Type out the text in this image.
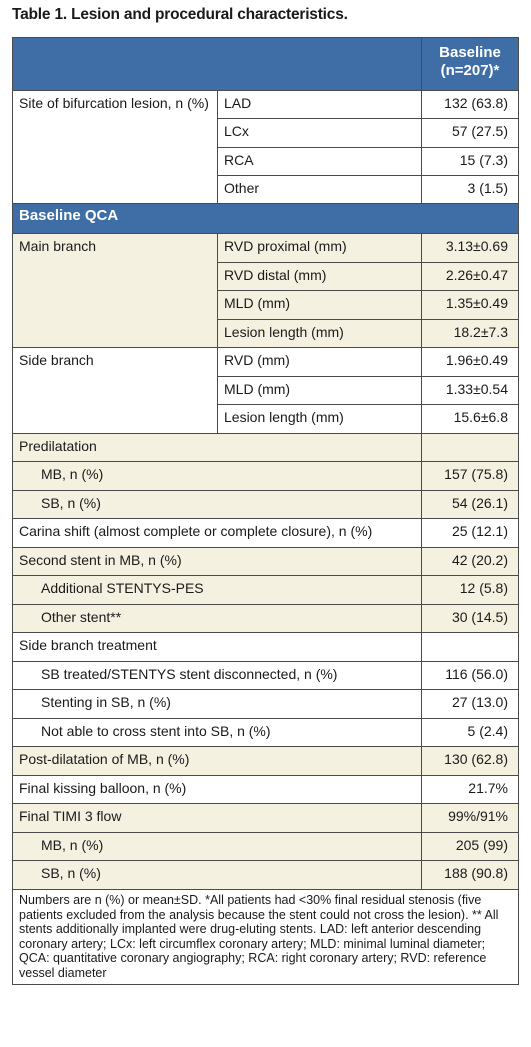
Table 1. Lesion and procedural characteristics.

		Baseline
(n=207)*

Site of bifurcation lesion, n (%)	LAD	132 (63.8)
	LCx	57 (27.5)
	RCA	15 (7.3)
	Other	3 (1.5)
Baseline QCA		
Main branch	RVD proximal (mm)	3.13±0.69
	RVD distal (mm)	2.26±0.47
	MLD (mm)	1.35±0.49
	Lesion length (mm)	18.2±7.3
Side branch	RVD (mm)	1.96±0.49
	MLD (mm)	1.33±0.54
	Lesion length (mm)	15.6±6.8
Predilatation		
MB, n (%)		157 (75.8)
SB, n (%)		54 (26.1)
Carina shift (almost complete or complete closure), n (%)		25 (12.1)
Second stent in MB, n (%)		42 (20.2)
Additional STENTYS-PES		12 (5.8)
Other stent**		30 (14.5)
Side branch treatment		
SB treated/STENTYS stent disconnected, n (%)		116 (56.0)
Stenting in SB, n (%)		27 (13.0)
Not able to cross stent into SB, n (%)		5 (2.4)
Post-dilatation of MB, n (%)		130 (62.8)
Final kissing balloon, n (%)		21.7%
Final TIMI 3 flow		99%/91%
MB, n (%)		205 (99)
SB, n (%)		188 (90.8)
Numbers are n (%) or mean±SD. *All patients had <30% final residual stenosis (five patients excluded from the analysis because the stent could not cross the lesion). ** All stents additionally implanted were drug-eluting stents. LAD: left anterior descending coronary artery; LCx: left circumflex coronary artery; MLD: minimal luminal diameter; QCA: quantitative coronary angiography; RCA: right coronary artery; RVD: reference vessel diameter		
